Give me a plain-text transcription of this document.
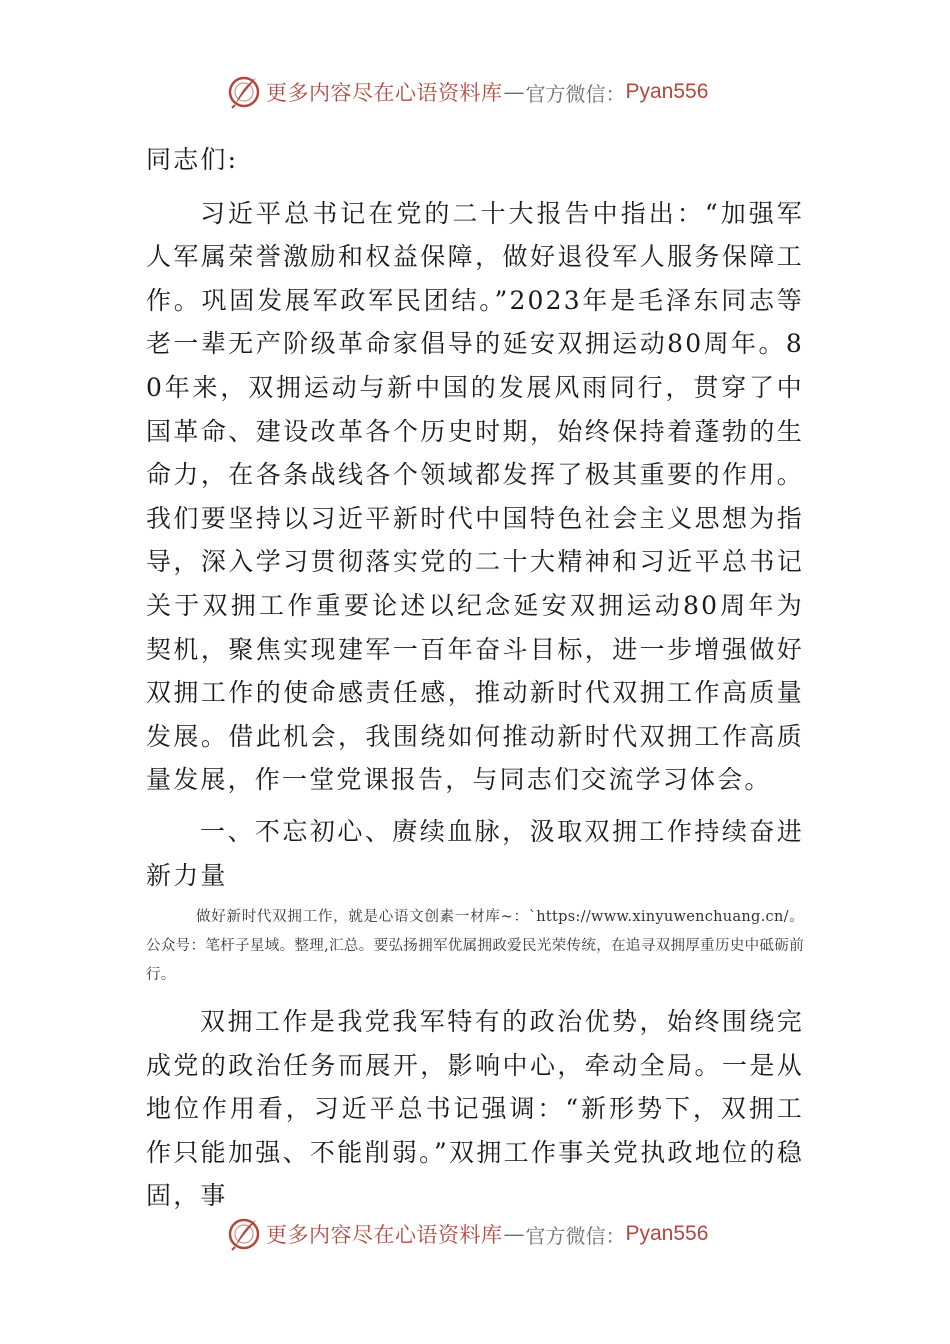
更多内容尽在心语资料库 — 官方微信： Pyan556

同志们:

习近平总书记在党的二十大报告中指出：“加强军人军属荣誉激励和权益保障，做好退役军人服务保障工作。巩固发展军政军民团结。”2023年是毛泽东同志等老一辈无产阶级革命家倡导的延安双拥运动80周年。80年来，双拥运动与新中国的发展风雨同行，贯穿了中国革命、建设改革各个历史时期，始终保持着蓬勃的生命力，在各条战线各个领域都发挥了极其重要的作用。我们要坚持以习近平新时代中国特色社会主义思想为指导，深入学习贯彻落实党的二十大精神和习近平总书记关于双拥工作重要论述以纪念延安双拥运动80周年为契机，聚焦实现建军一百年奋斗目标，进一步增强做好双拥工作的使命感责任感，推动新时代双拥工作高质量发展。借此机会，我围绕如何推动新时代双拥工作高质量发展，作一堂党课报告，与同志们交流学习体会。

一、不忘初心、赓续血脉，汲取双拥工作持续奋进新力量

做好新时代双拥工作，就是心语文创素一材库~：`https://www.xinyuwenchuang.cn/。公众号：笔杆子星域。整理,汇总。要弘扬拥军优属拥政爱民光荣传统，在追寻双拥厚重历史中砥砺前行。

双拥工作是我党我军特有的政治优势，始终围绕完成党的政治任务而展开，影响中心，牵动全局。一是从地位作用看，习近平总书记强调：“新形势下，双拥工作只能加强、不能削弱。”双拥工作事关党执政地位的稳固，事

更多内容尽在心语资料库 — 官方微信： Pyan556
